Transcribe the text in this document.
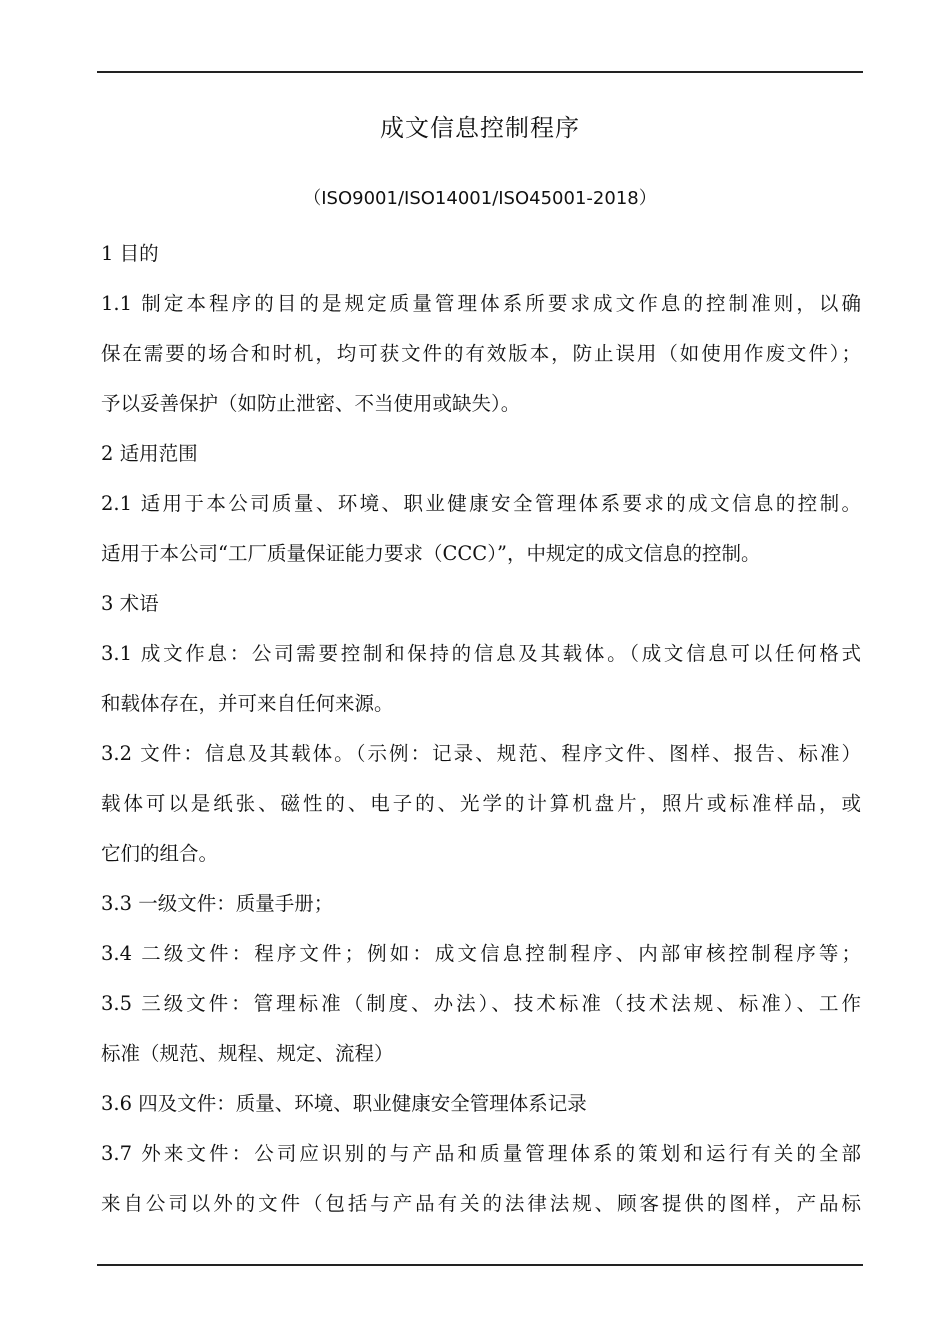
成文信息控制程序
（ISO9001/ISO14001/ISO45001-2018）
1 目的
1.1 制定本程序的目的是规定质量管理体系所要求成文作息的控制准则，以确
保在需要的场合和时机，均可获文件的有效版本，防止误用（如使用作废文件）；
予以妥善保护（如防止泄密、不当使用或缺失）。
2 适用范围
2.1 适用于本公司质量、环境、职业健康安全管理体系要求的成文信息的控制。
适用于本公司“工厂质量保证能力要求（CCC）”，中规定的成文信息的控制。
3 术语
3.1 成文作息：公司需要控制和保持的信息及其载体。（成文信息可以任何格式
和载体存在，并可来自任何来源。
3.2 文件：信息及其载体。（示例：记录、规范、程序文件、图样、报告、标准）
载体可以是纸张、磁性的、电子的、光学的计算机盘片，照片或标准样品，或
它们的组合。
3.3 一级文件：质量手册；
3.4 二级文件：程序文件；例如：成文信息控制程序、内部审核控制程序等；
3.5 三级文件：管理标准（制度、办法）、技术标准（技术法规、标准）、工作
标准（规范、规程、规定、流程）
3.6 四及文件：质量、环境、职业健康安全管理体系记录
3.7 外来文件：公司应识别的与产品和质量管理体系的策划和运行有关的全部
来自公司以外的文件（包括与产品有关的法律法规、顾客提供的图样，产品标
